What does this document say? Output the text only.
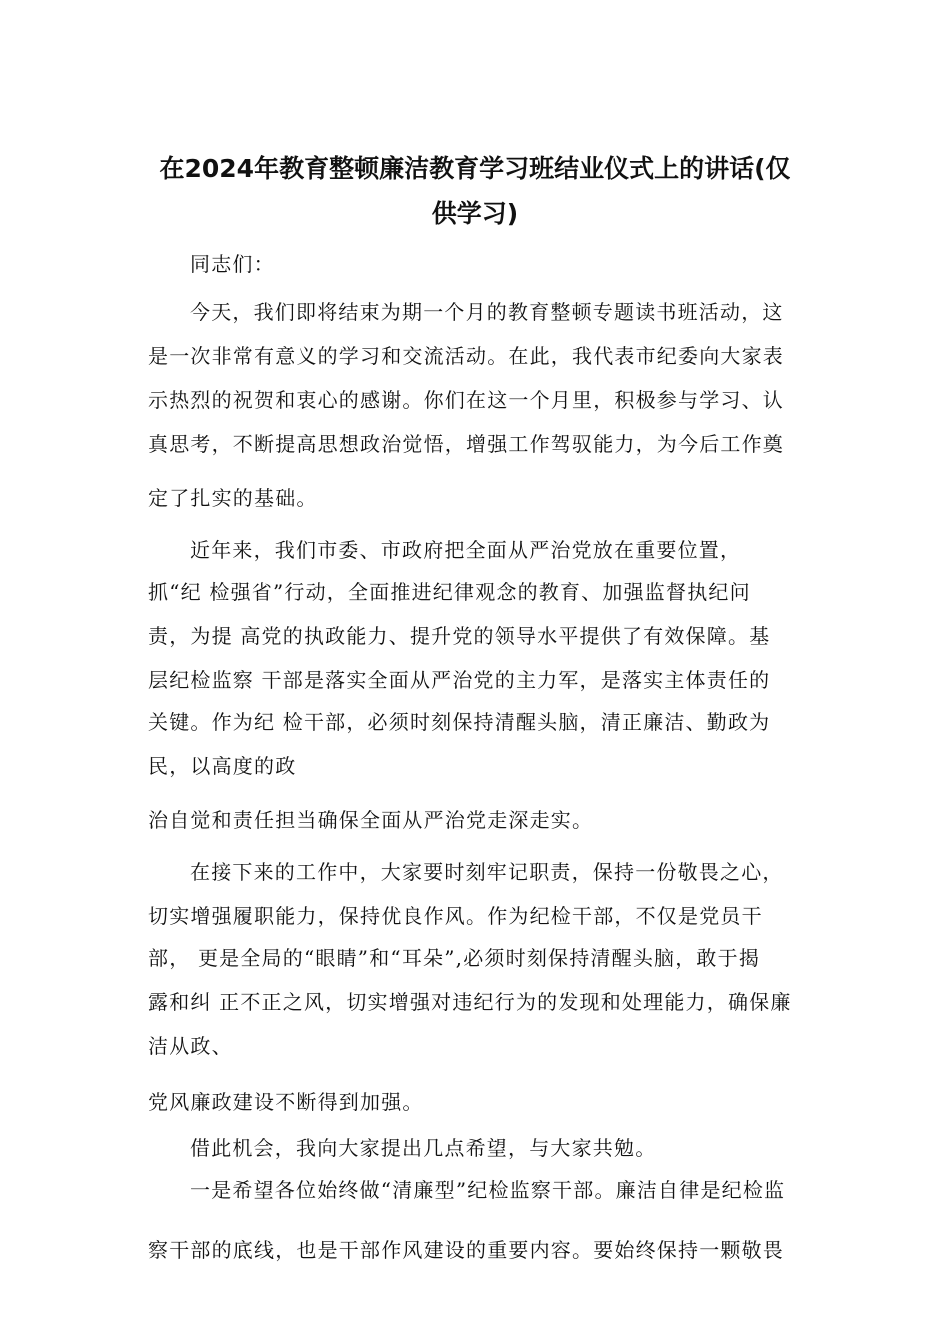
在2024年教育整顿廉洁教育学习班结业仪式上的讲话(仅
供学习)
同志们：
今天，我们即将结束为期一个月的教育整顿专题读书班活动，这
是一次非常有意义的学习和交流活动。在此，我代表市纪委向大家表
示热烈的祝贺和衷心的感谢。你们在这一个月里，积极参与学习、认
真思考，不断提高思想政治觉悟，增强工作驾驭能力，为今后工作奠
定了扎实的基础。
近年来，我们市委、市政府把全面从严治党放在重要位置，
抓“纪 检强省”行动，全面推进纪律观念的教育、加强监督执纪问
责，为提 高党的执政能力、提升党的领导水平提供了有效保障。基
层纪检监察 干部是落实全面从严治党的主力军，是落实主体责任的
关键。作为纪 检干部，必须时刻保持清醒头脑，清正廉洁、勤政为
民，以高度的政
治自觉和责任担当确保全面从严治党走深走实。
在接下来的工作中，大家要时刻牢记职责，保持一份敬畏之心，
切实增强履职能力，保持优良作风。作为纪检干部，不仅是党员干
部， 更是全局的“眼睛”和“耳朵”,必须时刻保持清醒头脑，敢于揭
露和纠 正不正之风，切实增强对违纪行为的发现和处理能力，确保廉
洁从政、
党风廉政建设不断得到加强。
借此机会，我向大家提出几点希望，与大家共勉。
一是希望各位始终做“清廉型”纪检监察干部。廉洁自律是纪检监
察干部的底线，也是干部作风建设的重要内容。要始终保持一颗敬畏
